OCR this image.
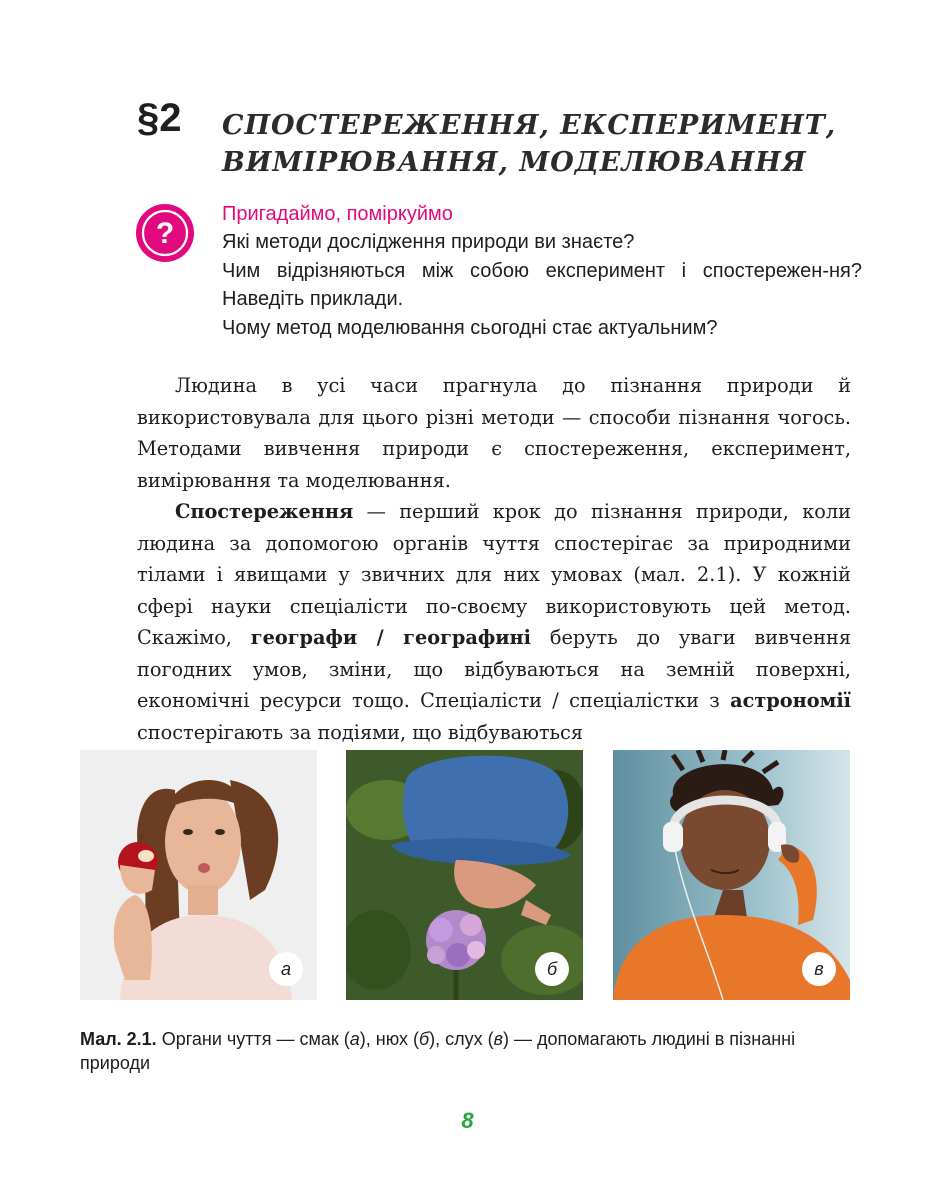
§2 СПОСТЕРЕЖЕННЯ, ЕКСПЕРИМЕНТ,
ВИМІРЮВАННЯ, МОДЕЛЮВАННЯ
?
Пригадаймо, поміркуймо
Які методи дослідження природи ви знаєте?
Чим відрізняються між собою експеримент і спостережен-ня? Наведіть приклади.
Чому метод моделювання сьогодні стає актуальним?

Людина в усі часи прагнула до пізнання природи й використовувала для цього різні методи — способи пізнання чогось. Методами вивчення природи є спостереження, експеримент, вимірювання та моделювання.

Спостереження — перший крок до пізнання природи, коли людина за допомогою органів чуття спостерігає за природними тілами і явищами у звичних для них умовах (мал. 2.1). У кожній сфері науки спеціалісти по-своєму використовують цей метод. Скажімо, географи / географині беруть до уваги вивчення погодних умов, зміни, що відбуваються на земній поверхні, економічні ресурси тощо. Спеціалісти / спеціалістки з астрономії спостерігають за подіями, що відбуваються

а	б	в
Мал. 2.1. Органи чуття — смак (а), нюх (б), слух (в) — допомагають людині в пізнанні природи
8
